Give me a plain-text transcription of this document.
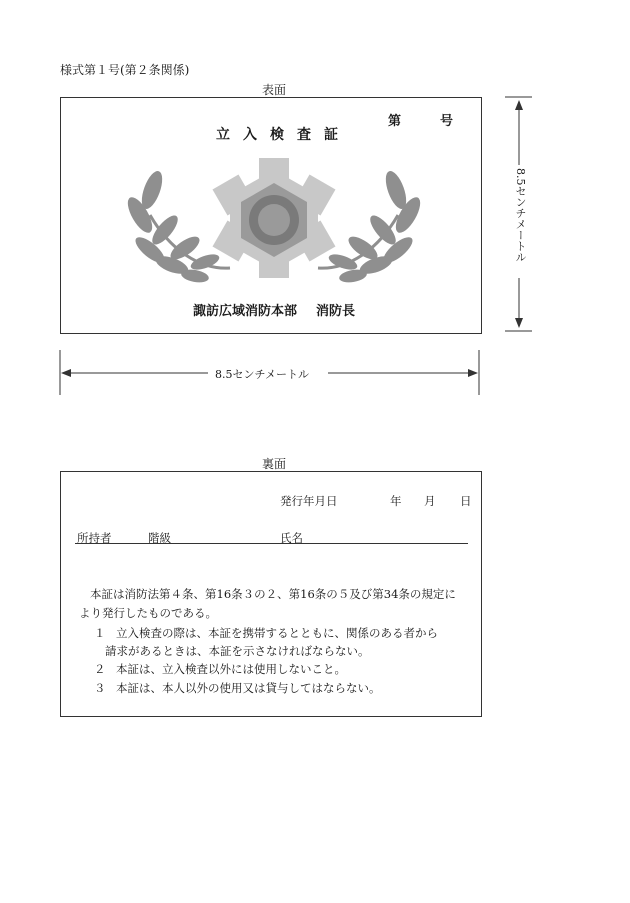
様式第１号(第２条関係)
表面
第　　　号
立入検査証
諏訪広域消防本部 消防長
8.5センチメートル
8.5センチメートル
裏面
発行年月日	年 月 日
所持者	階級	氏名
本証は消防法第４条、第16条３の２、第16条の５及び第34条の規定に
より発行したものである。
１ 立入検査の際は、本証を携帯するとともに、関係のある者から
請求があるときは、本証を示さなければならない。
２ 本証は、立入検査以外には使用しないこと。
３ 本証は、本人以外の使用又は貸与してはならない。
